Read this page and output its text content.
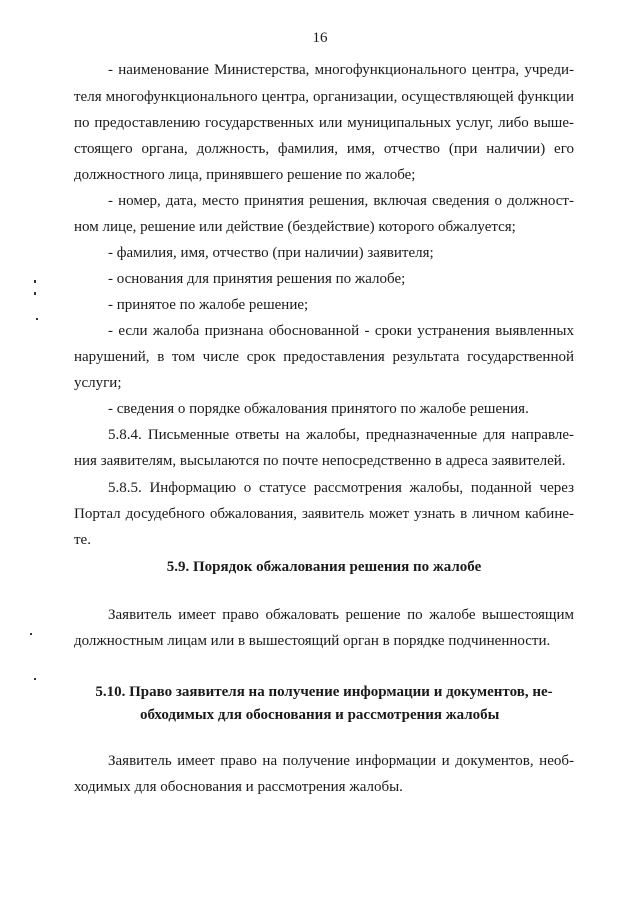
16
- наименование Министерства, многофункционального центра, учреди-
теля многофункционального центра, организации, осуществляющей функции
по предоставлению государственных или муниципальных услуг, либо выше-
стоящего органа, должность, фамилия, имя, отчество (при наличии) его
должностного лица, принявшего решение по жалобе;
- номер, дата, место принятия решения, включая сведения о должност-
ном лице, решение или действие (бездействие) которого обжалуется;
- фамилия, имя, отчество (при наличии) заявителя;
- основания для принятия решения по жалобе;
- принятое по жалобе решение;
- если жалоба признана обоснованной - сроки устранения выявленных
нарушений, в том числе срок предоставления результата государственной
услуги;
- сведения о порядке обжалования принятого по жалобе решения.
5.8.4. Письменные ответы на жалобы, предназначенные для направле-
ния заявителям, высылаются по почте непосредственно в адреса заявителей.
5.8.5. Информацию о статусе рассмотрения жалобы, поданной через
Портал досудебного обжалования, заявитель может узнать в личном кабине-
те.
5.9. Порядок обжалования решения по жалобе
Заявитель имеет право обжаловать решение по жалобе вышестоящим
должностным лицам или в вышестоящий орган в порядке подчиненности.
5.10. Право заявителя на получение информации и документов, не-
обходимых для обоснования и рассмотрения жалобы
Заявитель имеет право на получение информации и документов, необ-
ходимых для обоснования и рассмотрения жалобы.
